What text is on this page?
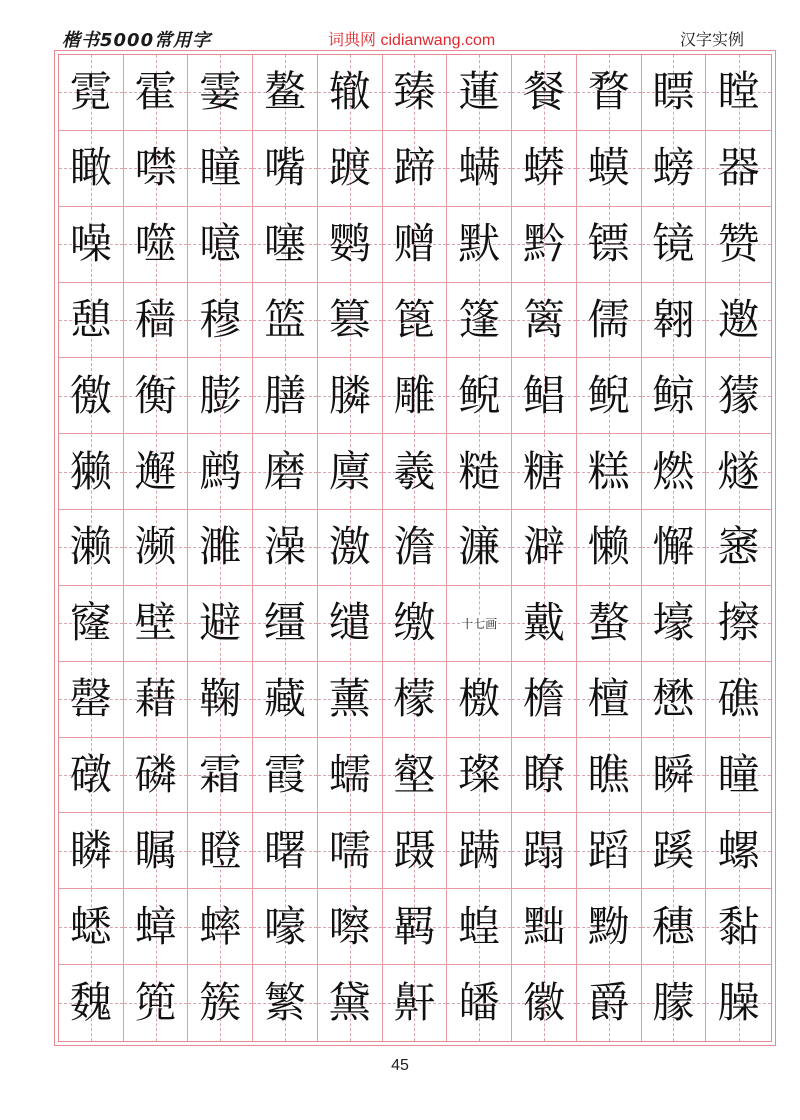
楷书5000常用字	词典网 cidianwang.com	汉字实例
霓 霍 霎 鳌 辙 臻 蓮 餐 瞀 瞟 瞠
瞰 噤 瞳 嘴 踱 蹄 螨 蟒 蟆 螃 器
噪 噬 噫 噻 鹦 赠 默 黔 镖 镜 赞
憩 穑 穆 篮 篡 篦 篷 篱 儒 翱 邀
徼 衡 膨 膳 膦 雕 鲵 鲳 鲵 鲸 獴
獭 邂 鹧 磨 廪 羲 糙 糖 糕 燃 燧
濑 濒 濉 澡 激 澹 濂 澼 懒 懈 窸
窿 壁 避 缰 缱 缴 十七画 戴 螯 壕 擦
罄 藉 鞠 藏 薰 檬 檄 檐 檀 懋 礁
礅 磷 霜 霞 蠕 壑 璨 瞭 瞧 瞬 瞳
瞵 瞩 瞪 曙 嚅 蹑 蹒 蹋 蹈 蹊 螺
蟋 蟑 蟀 嚎 嚓 羁 蝗 黜 黝 穗 黏
魏 篼 簇 繁 黛 鼾 皤 徽 爵 朦 臊
45
